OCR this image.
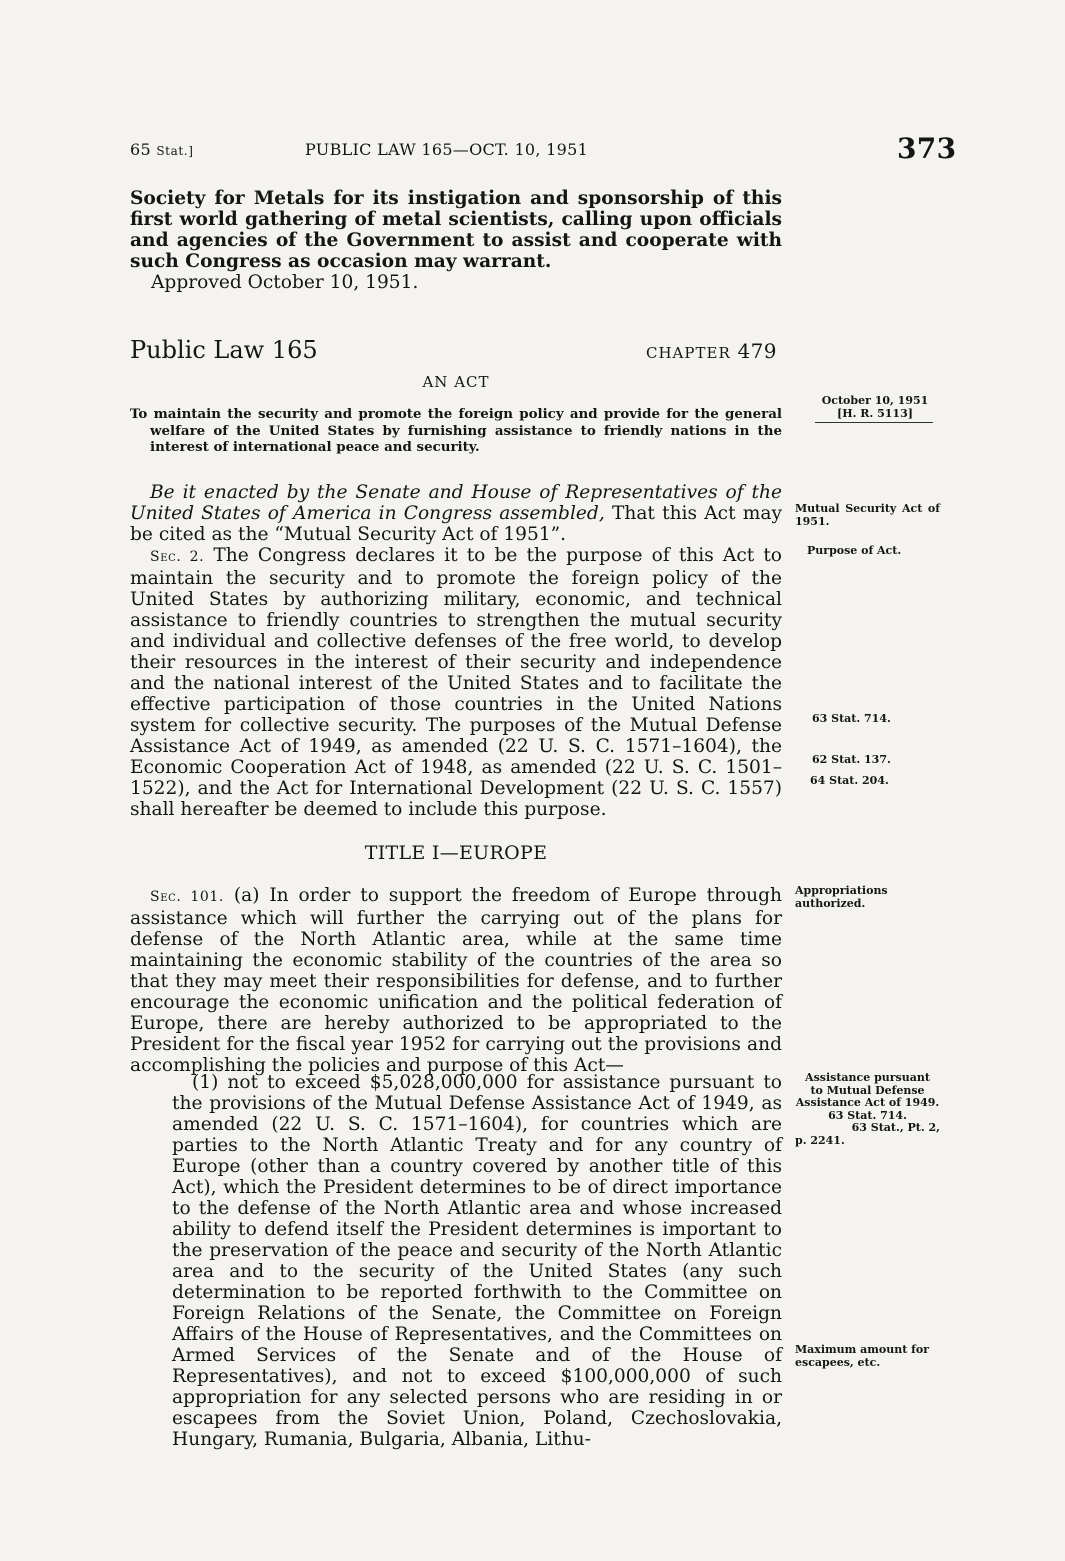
65 Stat.]	PUBLIC LAW 165—OCT. 10, 1951	373
Society for Metals for its instigation and sponsorship of this first world gathering of metal scientists, calling upon officials and agencies of the Government to assist and cooperate with such Congress as occasion may warrant.
Approved October 10, 1951.
Public Law 165	CHAPTER 479
AN ACT
To maintain the security and promote the foreign policy and provide for the general welfare of the United States by furnishing assistance to friendly nations in the interest of international peace and security.
Be it enacted by the Senate and House of Representatives of the United States of America in Congress assembled, That this Act may be cited as the “Mutual Security Act of 1951”.
Sec. 2. The Congress declares it to be the purpose of this Act to maintain the security and to promote the foreign policy of the United States by authorizing military, economic, and technical assistance to friendly countries to strengthen the mutual security and individual and collective defenses of the free world, to develop their resources in the interest of their security and independence and the national interest of the United States and to facilitate the effective participation of those countries in the United Nations system for collective security. The purposes of the Mutual Defense Assistance Act of 1949, as amended (22 U. S. C. 1571–1604), the Economic Cooperation Act of 1948, as amended (22 U. S. C. 1501–1522), and the Act for International Development (22 U. S. C. 1557) shall hereafter be deemed to include this purpose.
TITLE I—EUROPE
Sec. 101. (a) In order to support the freedom of Europe through assistance which will further the carrying out of the plans for defense of the North Atlantic area, while at the same time maintaining the economic stability of the countries of the area so that they may meet their responsibilities for defense, and to further encourage the economic unification and the political federation of Europe, there are hereby authorized to be appropriated to the President for the fiscal year 1952 for carrying out the provisions and accomplishing the policies and purpose of this Act—
(1) not to exceed $5,028,000,000 for assistance pursuant to the provisions of the Mutual Defense Assistance Act of 1949, as amended (22 U. S. C. 1571–1604), for countries which are parties to the North Atlantic Treaty and for any country of Europe (other than a country covered by another title of this Act), which the President determines to be of direct importance to the defense of the North Atlantic area and whose increased ability to defend itself the President determines is important to the preservation of the peace and security of the North Atlantic area and to the security of the United States (any such determination to be reported forthwith to the Committee on Foreign Relations of the Senate, the Committee on Foreign Affairs of the House of Representatives, and the Committees on Armed Services of the Senate and of the House of Representatives), and not to exceed $100,000,000 of such appropriation for any selected persons who are residing in or escapees from the Soviet Union, Poland, Czechoslovakia, Hungary, Rumania, Bulgaria, Albania, Lithu-
October 10, 1951
[H. R. 5113]
Mutual Security Act of 1951.
Purpose of Act.
63 Stat. 714.
62 Stat. 137.
64 Stat. 204.
Appropriations authorized.
Assistance pursuant
to Mutual Defense
Assistance Act of 1949.
63 Stat. 714.
63 Stat., Pt. 2,
p. 2241.
Maximum amount for escapees, etc.
